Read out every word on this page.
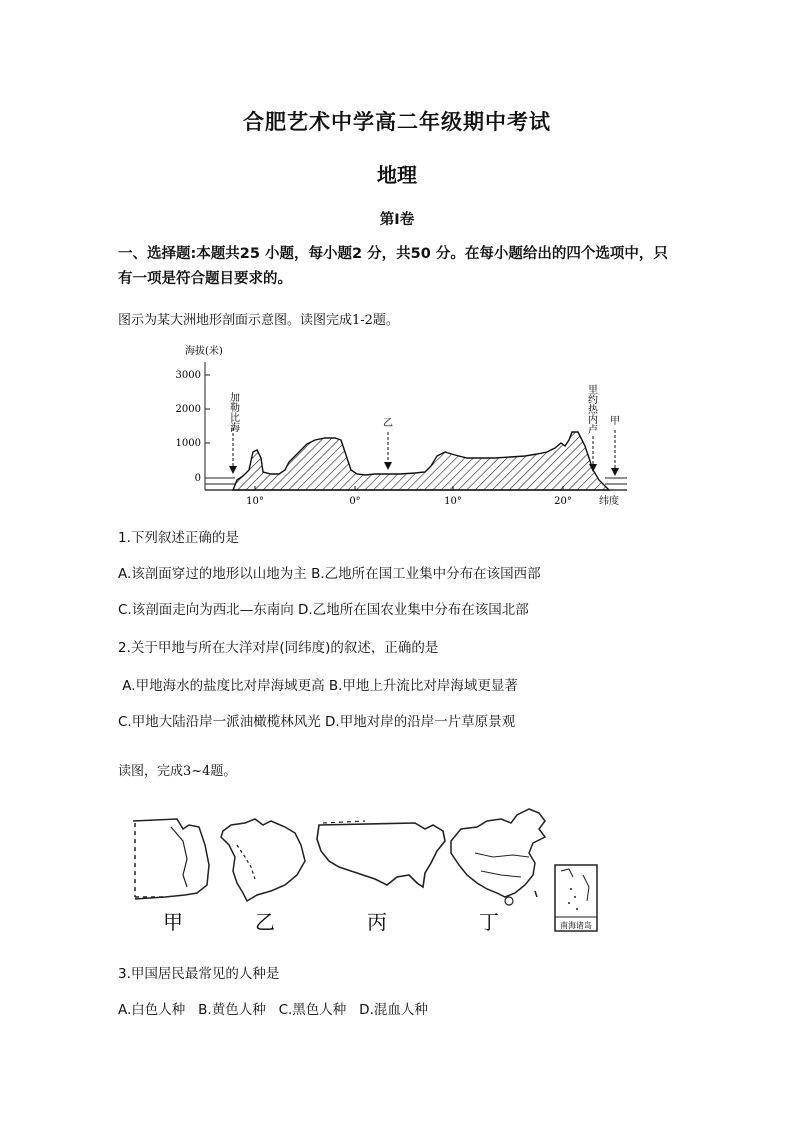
合肥艺术中学高二年级期中考试
地理
第Ⅰ卷
一、选择题:本题共25 小题，每小题2 分，共50 分。在每小题给出的四个选项中，只有一项是符合题目要求的。
图示为某大洲地形剖面示意图。读图完成1-2题。
海拔(米)
3000
2000
1000
0
10°	0°	10°	20°	纬度
加勒比海	乙	里约热内卢 甲
1.下列叙述正确的是
A.该剖面穿过的地形以山地为主 B.乙地所在国工业集中分布在该国西部
C.该剖面走向为西北—东南向 D.乙地所在国农业集中分布在该国北部
2.关于甲地与所在大洋对岸(同纬度)的叙述，正确的是
A.甲地海水的盐度比对岸海域更高 B.甲地上升流比对岸海域更显著
C.甲地大陆沿岸一派油橄榄林风光 D.甲地对岸的沿岸一片草原景观
读图，完成3~4题。
甲	乙	丙	丁	南海诸岛
3.甲国居民最常见的人种是
A.白色人种   B.黄色人种   C.黑色人种   D.混血人种
